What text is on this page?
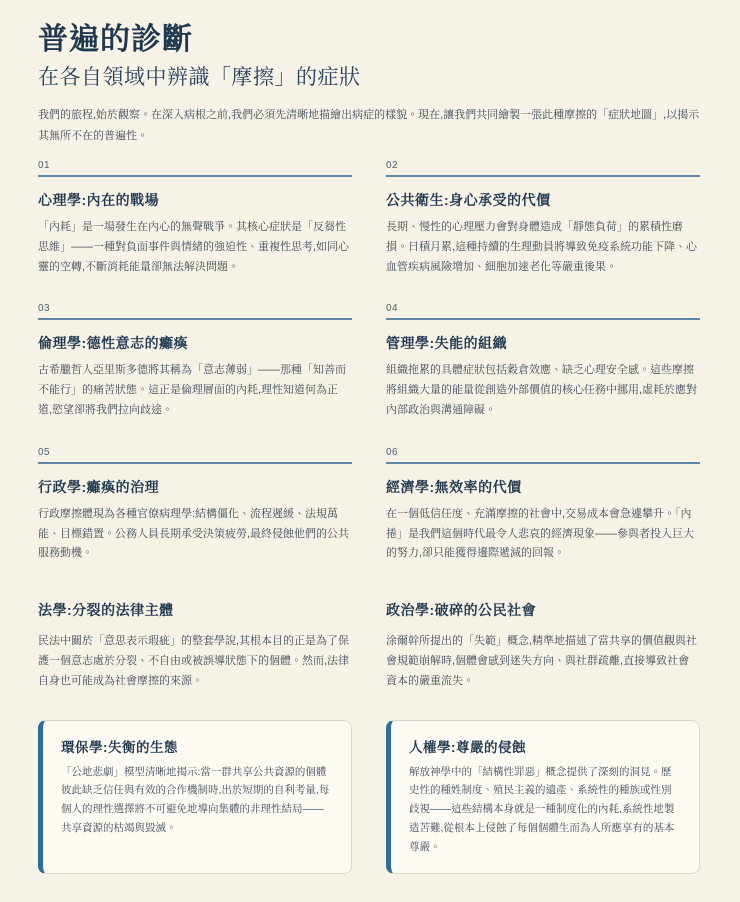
普遍的診斷
在各自領域中辨識「摩擦」的症狀

我們的旅程,始於觀察。在深入病根之前,我們必須先清晰地描繪出病症的樣貌。現在,讓我們共同繪製一張此種摩擦的「症狀地圖」,以揭示其無所不在的普遍性。

01
心理學:內在的戰場

「內耗」是一場發生在內心的無聲戰爭。其核心症狀是「反芻性思維」——一種對負面事件與情緒的強迫性、重複性思考,如同心靈的空轉,不斷消耗能量卻無法解決問題。

02
公共衛生:身心承受的代價

長期、慢性的心理壓力會對身體造成「靜態負荷」的累積性磨損。日積月累,這種持續的生理動員將導致免疫系統功能下降、心血管疾病風險增加、細胞加速老化等嚴重後果。

03
倫理學:德性意志的癱瘓

古希臘哲人亞里斯多德將其稱為「意志薄弱」——那種「知善而不能行」的痛苦狀態。這正是倫理層面的內耗,理性知道何為正道,慾望卻將我們拉向歧途。

04
管理學:失能的組織

組織拖累的具體症狀包括穀倉效應、缺乏心理安全感。這些摩擦將組織大量的能量從創造外部價值的核心任務中挪用,虛耗於應對內部政治與溝通障礙。

05
行政學:癱瘓的治理

行政摩擦體現為各種官僚病理學:結構僵化、流程遲緩、法規萬能、目標錯置。公務人員長期承受決策疲勞,最終侵蝕他們的公共服務動機。

06
經濟學:無效率的代價

在一個低信任度、充滿摩擦的社會中,交易成本會急遽攀升。「內捲」是我們這個時代最令人悲哀的經濟現象——參與者投入巨大的努力,卻只能獲得邊際遞減的回報。

法學:分裂的法律主體

民法中關於「意思表示瑕疵」的整套學說,其根本目的正是為了保護一個意志處於分裂、不自由或被誤導狀態下的個體。然而,法律自身也可能成為社會摩擦的來源。

政治學:破碎的公民社會

涂爾幹所提出的「失範」概念,精準地描述了當共享的價值觀與社會規範崩解時,個體會感到迷失方向、與社群疏離,直接導致社會資本的嚴重流失。

環保學:失衡的生態

「公地悲劇」模型清晰地揭示:當一群共享公共資源的個體彼此缺乏信任與有效的合作機制時,出於短期的自利考量,每個人的理性選擇將不可避免地導向集體的非理性結局——共享資源的枯竭與毀滅。

人權學:尊嚴的侵蝕

解放神學中的「結構性罪惡」概念提供了深刻的洞見。歷史性的種姓制度、殖民主義的遺產、系統性的種族或性別歧視——這些結構本身就是一種制度化的內耗,系統性地製造苦難,從根本上侵蝕了每個個體生而為人所應享有的基本尊嚴。
